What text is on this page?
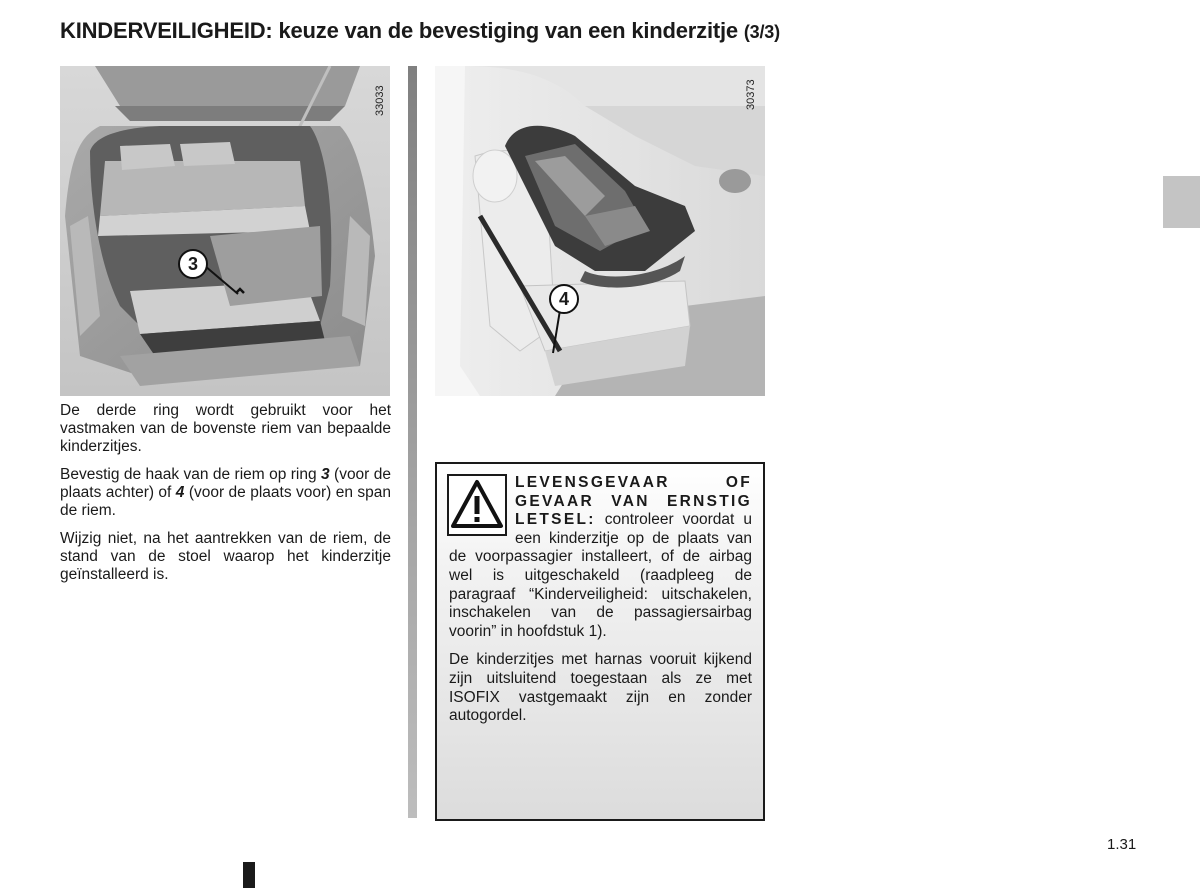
KINDERVEILIGHEID: keuze van de bevestiging van een kinderzitje (3/3)
3
33033
4
30373

De derde ring wordt gebruikt voor het vastmaken van de bovenste riem van bepaalde kinderzitjes.

Bevestig de haak van de riem op ring 3 (voor de plaats achter) of 4 (voor de plaats voor) en span de riem.

Wijzig niet, na het aantrekken van de riem, de stand van de stoel waarop het kinderzitje geïnstalleerd is.

LEVENSGEVAAR OF GEVAAR VAN ERNSTIG LETSEL: controleer voordat u een kinderzitje op de plaats van de voorpassagier installeert, of de airbag wel is uitgeschakeld (raadpleeg de paragraaf “Kinderveiligheid: uitschakelen, inschakelen van de passagiersairbag voorin” in hoofdstuk 1).

De kinderzitjes met harnas vooruit kijkend zijn uitsluitend toegestaan als ze met ISOFIX vastgemaakt zijn en zonder autogordel.

1.31
